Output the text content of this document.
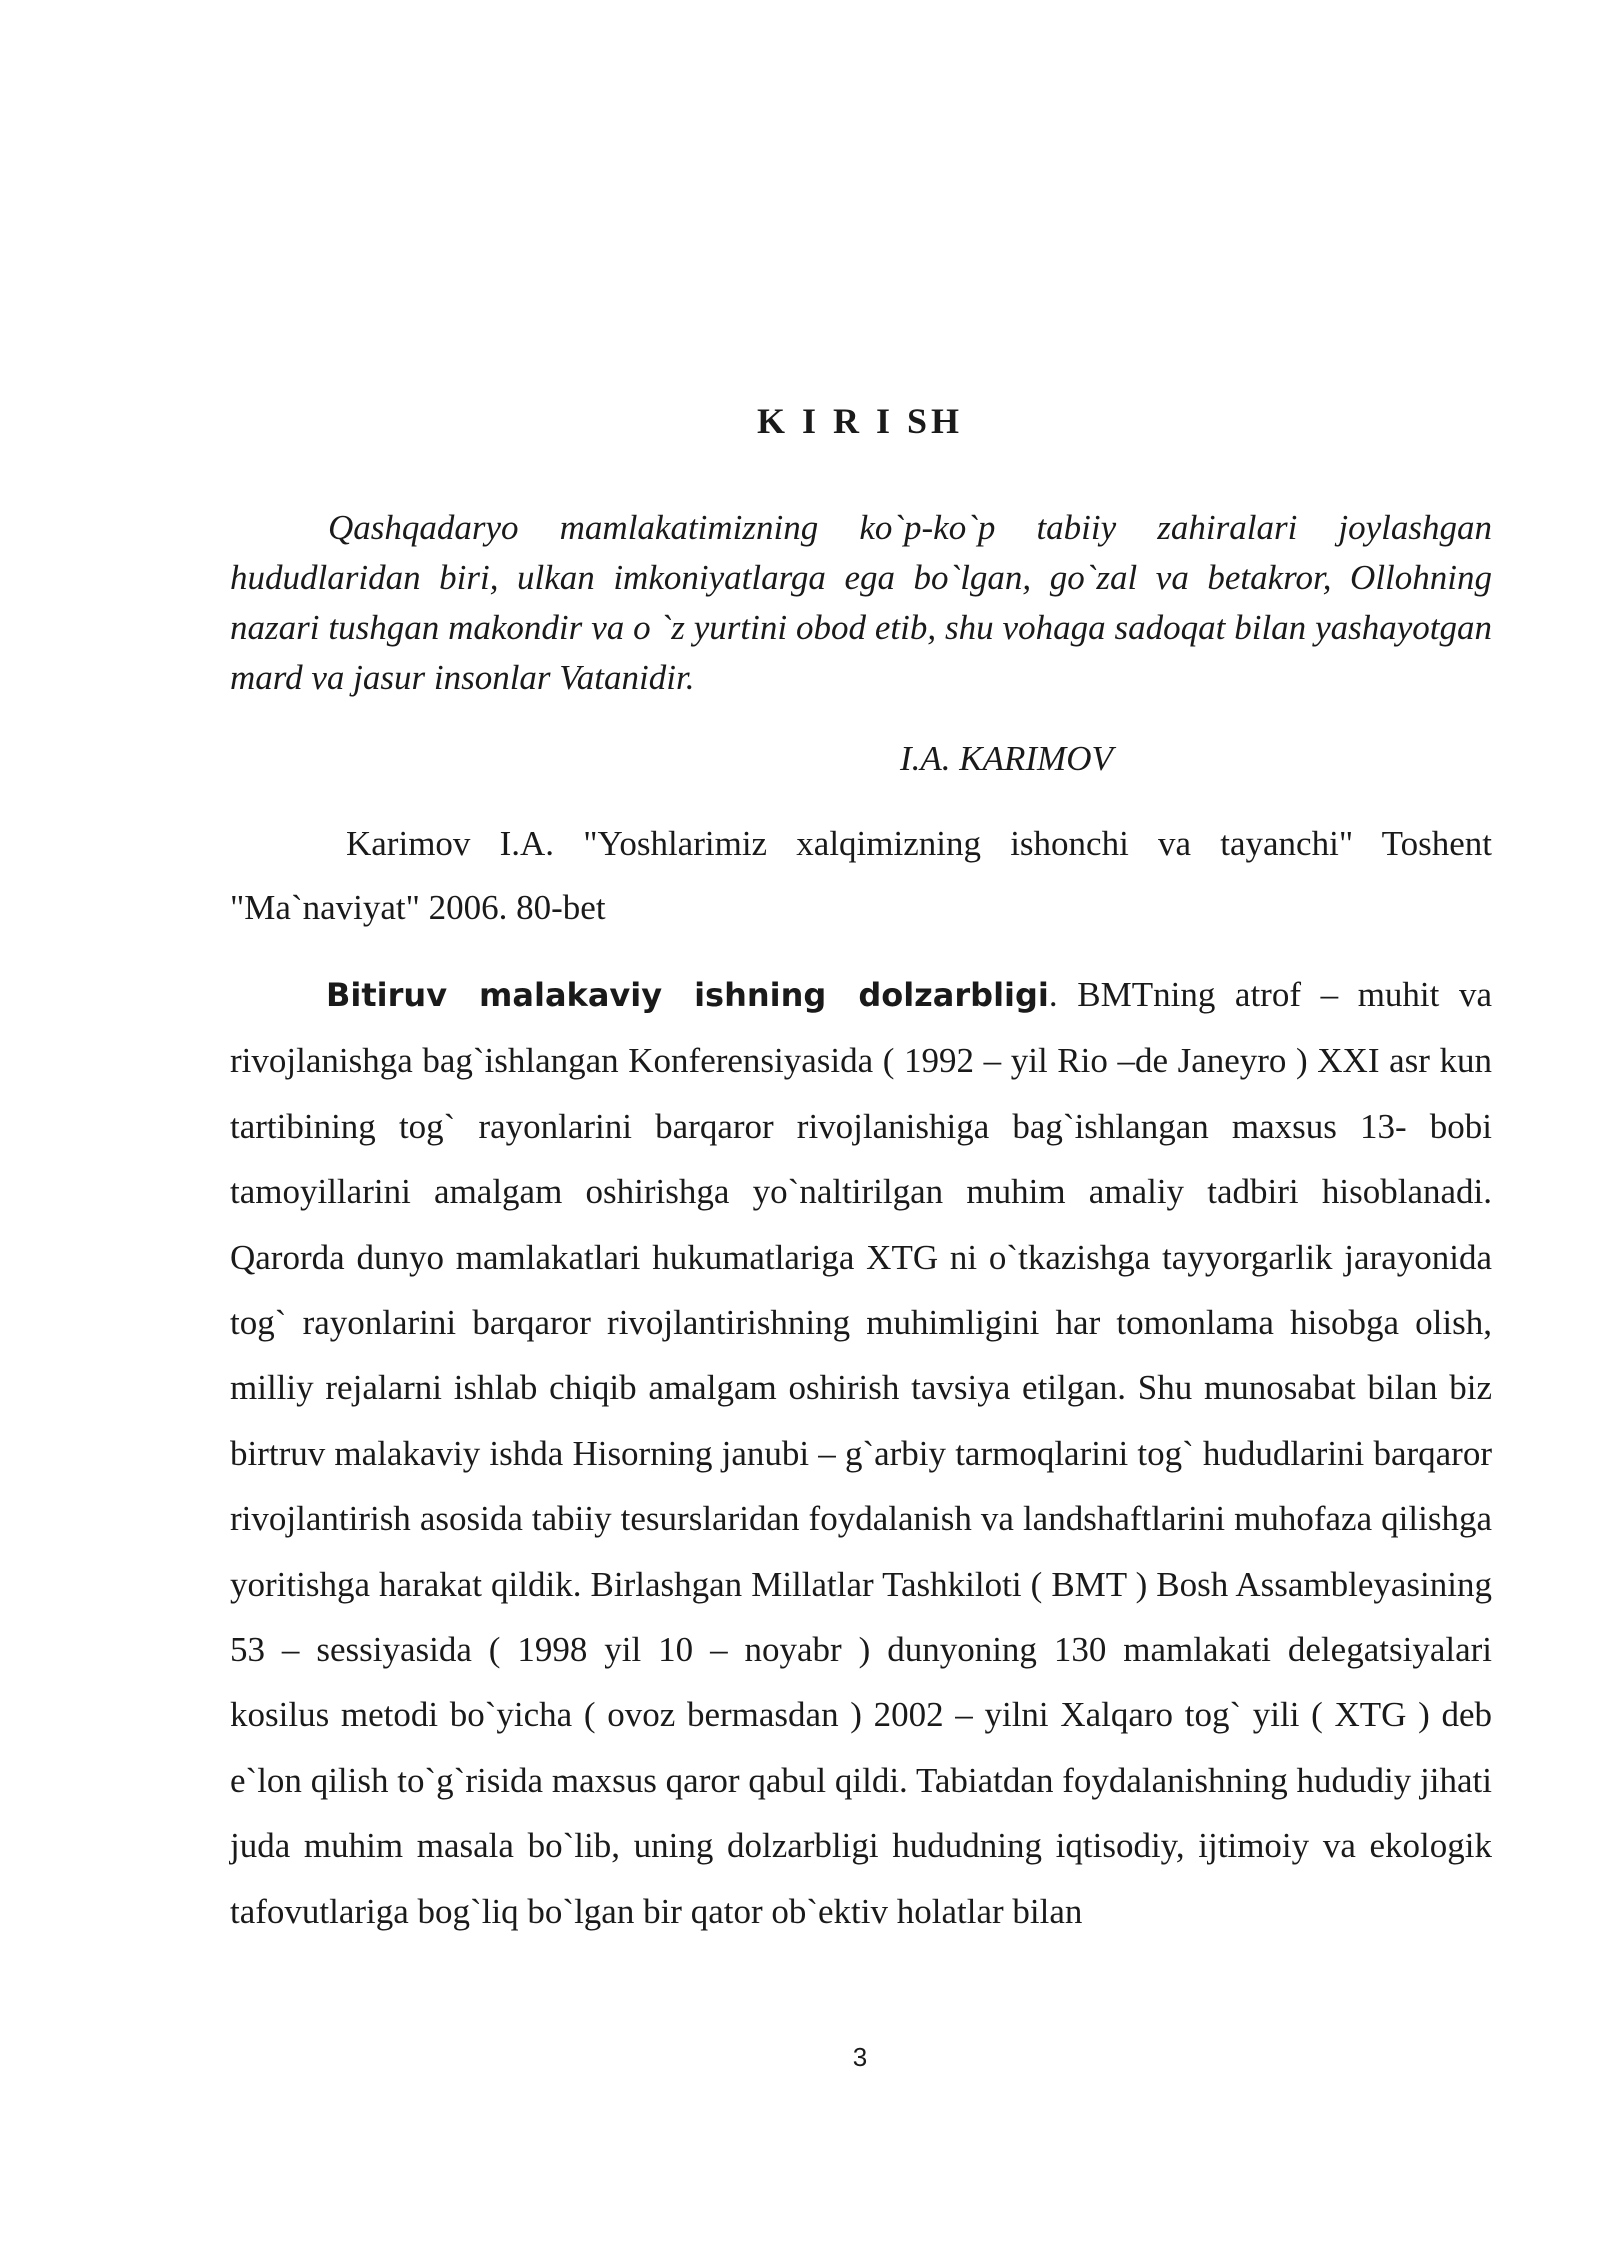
K I R I SH

Qashqadaryo mamlakatimizning ko`p-ko`p tabiiy zahiralari joylashgan hududlaridan biri, ulkan imkoniyatlarga ega bo`lgan, go`zal va betakror, Ollohning nazari tushgan makondir va o `z yurtini obod etib, shu vohaga sadoqat bilan yashayotgan mard va jasur insonlar Vatanidir.

I.A. KARIMOV

Karimov I.A. "Yoshlarimiz xalqimizning ishonchi va tayanchi" Toshent "Ma`naviyat" 2006. 80-bet

Bitiruv malakaviy ishning dolzarbligi. BMTning atrof – muhit va rivojlanishga bag`ishlangan Konferensiyasida ( 1992 – yil Rio –de Janeyro ) XXI asr kun tartibining tog` rayonlarini barqaror rivojlanishiga bag`ishlangan maxsus 13- bobi tamoyillarini amalgam oshirishga yo`naltirilgan muhim amaliy tadbiri hisoblanadi. Qarorda dunyo mamlakatlari hukumatlariga XTG ni o`tkazishga tayyorgarlik jarayonida tog` rayonlarini barqaror rivojlantirishning muhimligini har tomonlama hisobga olish, milliy rejalarni ishlab chiqib amalgam oshirish tavsiya etilgan. Shu munosabat bilan biz birtruv malakaviy ishda Hisorning janubi – g`arbiy tarmoqlarini tog` hududlarini barqaror rivojlantirish asosida tabiiy tesurslaridan foydalanish va landshaftlarini muhofaza qilishga yoritishga harakat qildik. Birlashgan Millatlar Tashkiloti ( BMT ) Bosh Assambleyasining 53 – sessiyasida ( 1998 yil 10 – noyabr ) dunyoning 130 mamlakati delegatsiyalari kosilus metodi bo`yicha ( ovoz bermasdan ) 2002 – yilni Xalqaro tog` yili ( XTG ) deb e`lon qilish to`g`risida maxsus qaror qabul qildi. Tabiatdan foydalanishning hududiy jihati juda muhim masala bo`lib, uning dolzarbligi hududning iqtisodiy, ijtimoiy va ekologik tafovutlariga bog`liq bo`lgan bir qator ob`ektiv holatlar bilan

3
